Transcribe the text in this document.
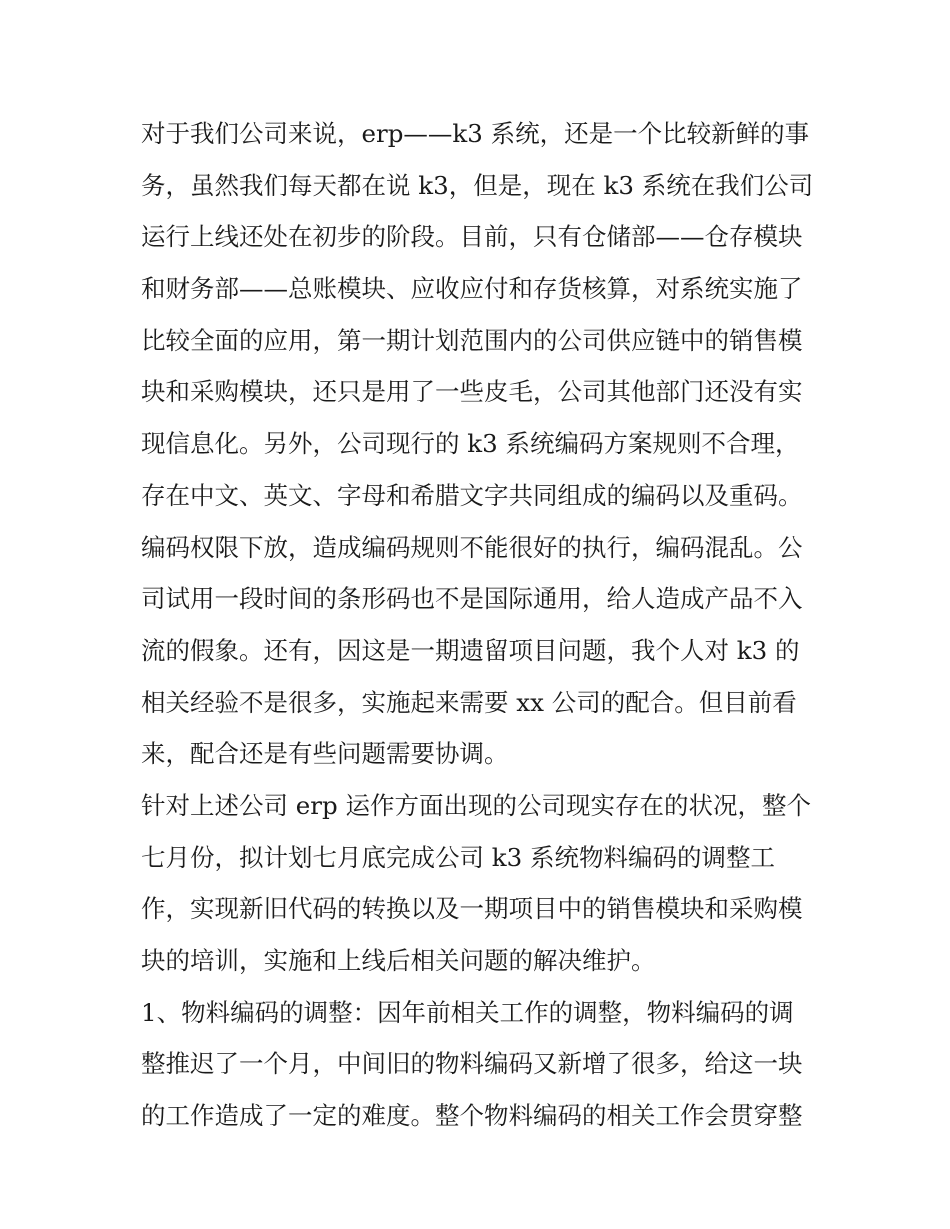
对于我们公司来说，erp——k3 系统，还是一个比较新鲜的事
务，虽然我们每天都在说 k3，但是，现在 k3 系统在我们公司
运行上线还处在初步的阶段。目前，只有仓储部——仓存模块
和财务部——总账模块、应收应付和存货核算，对系统实施了
比较全面的应用，第一期计划范围内的公司供应链中的销售模
块和采购模块，还只是用了一些皮毛，公司其他部门还没有实
现信息化。另外，公司现行的 k3 系统编码方案规则不合理，
存在中文、英文、字母和希腊文字共同组成的编码以及重码。
编码权限下放，造成编码规则不能很好的执行，编码混乱。公
司试用一段时间的条形码也不是国际通用，给人造成产品不入
流的假象。还有，因这是一期遗留项目问题，我个人对 k3 的
相关经验不是很多，实施起来需要 xx 公司的配合。但目前看
来，配合还是有些问题需要协调。
针对上述公司 erp 运作方面出现的公司现实存在的状况，整个
七月份，拟计划七月底完成公司 k3 系统物料编码的调整工
作，实现新旧代码的转换以及一期项目中的销售模块和采购模
块的培训，实施和上线后相关问题的解决维护。
1、物料编码的调整：因年前相关工作的调整，物料编码的调
整推迟了一个月，中间旧的物料编码又新增了很多，给这一块
的工作造成了一定的难度。整个物料编码的相关工作会贯穿整
